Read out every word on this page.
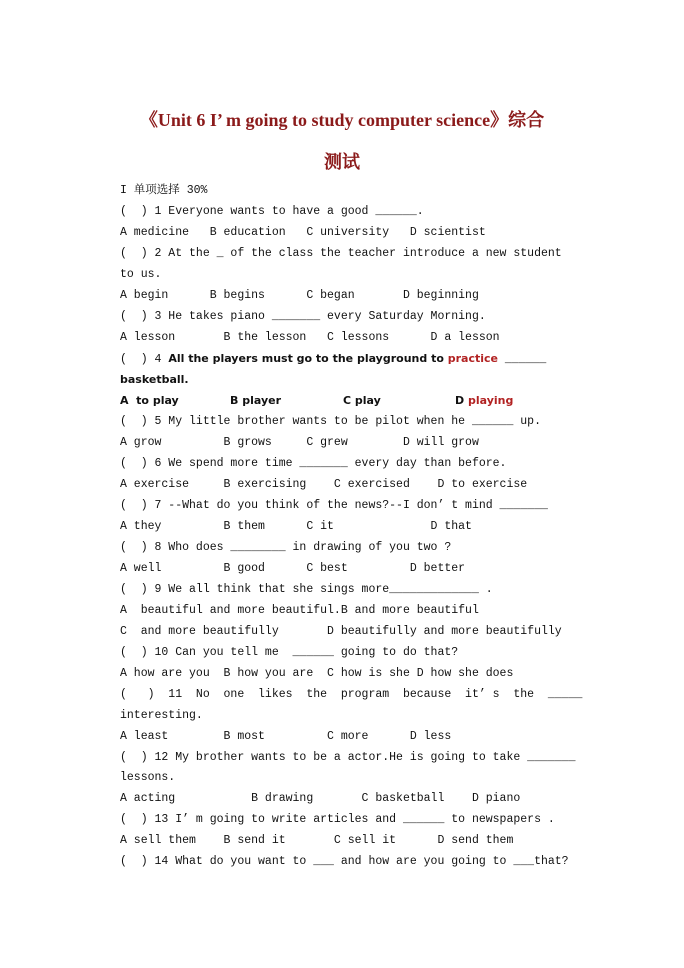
《Unit 6 I’ m going to study computer science》综合
测试
I 单项选择 30%
(  ) 1 Everyone wants to have a good ______.
A medicine   B education   C university   D scientist
(  ) 2 At the _ of the class the teacher introduce a new student
to us.
A begin      B begins      C began       D beginning
(  ) 3 He takes piano _______ every Saturday Morning.
A lesson       B the lesson   C lessons      D a lesson
(  ) 4 All the players must go to the playground to practice ______
basketball.
A  to play	B player	C play	D playing
(  ) 5 My little brother wants to be pilot when he ______ up.
A grow         B grows     C grew        D will grow
(  ) 6 We spend more time _______ every day than before.
A exercise     B exercising    C exercised    D to exercise
(  ) 7 --What do you think of the news?--I don’ t mind _______
A they         B them      C it              D that
(  ) 8 Who does ________ in drawing of you two ?
A well         B good      C best         D better
(  ) 9 We all think that she sings more_____________ .
A  beautiful and more beautiful.B and more beautiful
C  and more beautifully       D beautifully and more beautifully
(  ) 10 Can you tell me  ______ going to do that?
A how are you  B how you are  C how is she D how she does
(   )  11  No  one  likes  the  program  because  it’ s  the  _____
interesting.
A least        B most         C more      D less
(  ) 12 My brother wants to be a actor.He is going to take _______
lessons.
A acting           B drawing       C basketball    D piano
(  ) 13 I’ m going to write articles and ______ to newspapers .
A sell them    B send it       C sell it      D send them
(  ) 14 What do you want to ___ and how are you going to ___that?
